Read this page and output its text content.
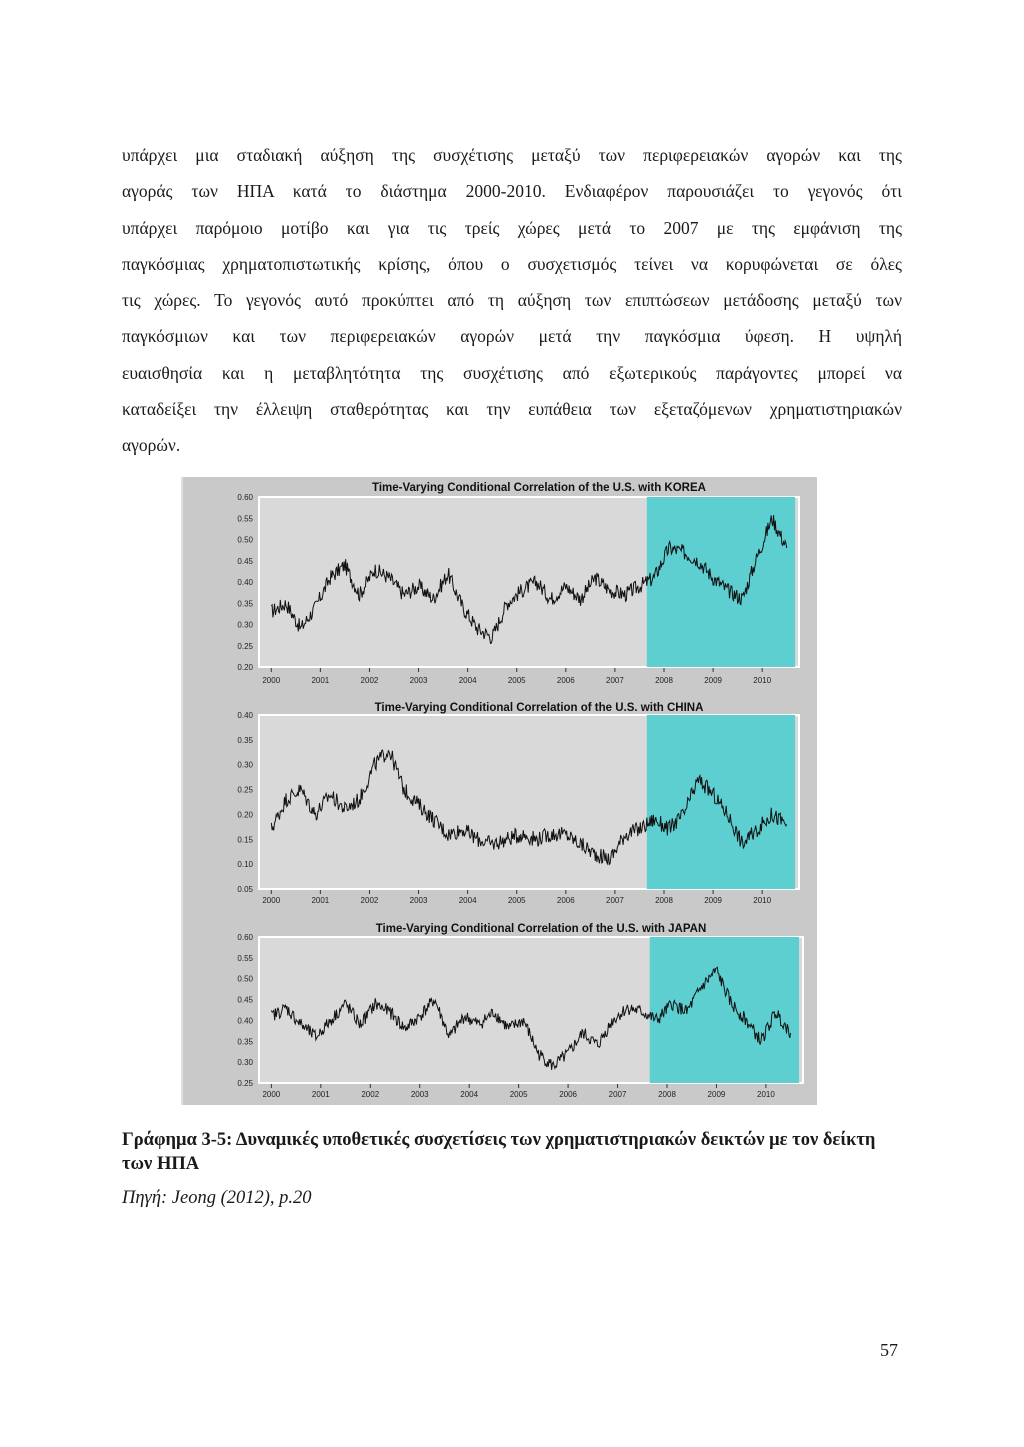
υπάρχει μια σταδιακή αύξηση της συσχέτισης μεταξύ των περιφερειακών αγορών και της
αγοράς των ΗΠΑ κατά το διάστημα 2000-2010. Ενδιαφέρον παρουσιάζει το γεγονός ότι
υπάρχει παρόμοιο μοτίβο και για τις τρείς χώρες μετά το 2007 με της εμφάνιση της
παγκόσμιας χρηματοπιστωτικής κρίσης, όπου ο συσχετισμός τείνει να κορυφώνεται σε όλες
τις χώρες. Το γεγονός αυτό προκύπτει από τη αύξηση των επιπτώσεων μετάδοσης μεταξύ των
παγκόσμιων και των περιφερειακών αγορών μετά την παγκόσμια ύφεση. Η υψηλή
ευαισθησία και η μεταβλητότητα της συσχέτισης από εξωτερικούς παράγοντες μπορεί να
καταδείξει την έλλειψη σταθερότητας και την ευπάθεια των εξεταζόμενων χρηματιστηριακών
αγορών.
Time-Varying Conditional Correlation of the U.S. with KOREA
0.60
0.55
0.50
0.45
0.40
0.35
0.30
0.25
0.20
2000	2001	2002	2003	2004	2005	2006	2007	2008	2009	2010
Time-Varying Conditional Correlation of the U.S. with CHINA
0.40
0.35
0.30
0.25
0.20
0.15
0.10
0.05
2000	2001	2002	2003	2004	2005	2006	2007	2008	2009	2010
Time-Varying Conditional Correlation of the U.S. with JAPAN
0.60
0.55
0.50
0.45
0.40
0.35
0.30
0.25
2000	2001	2002	2003	2004	2005	2006	2007	2008	2009	2010

Γράφημα 3-5: Δυναμικές υποθετικές συσχετίσεις των χρηματιστηριακών δεικτών με τον δείκτη των ΗΠΑ

Πηγή: Jeong (2012), p.20

57
